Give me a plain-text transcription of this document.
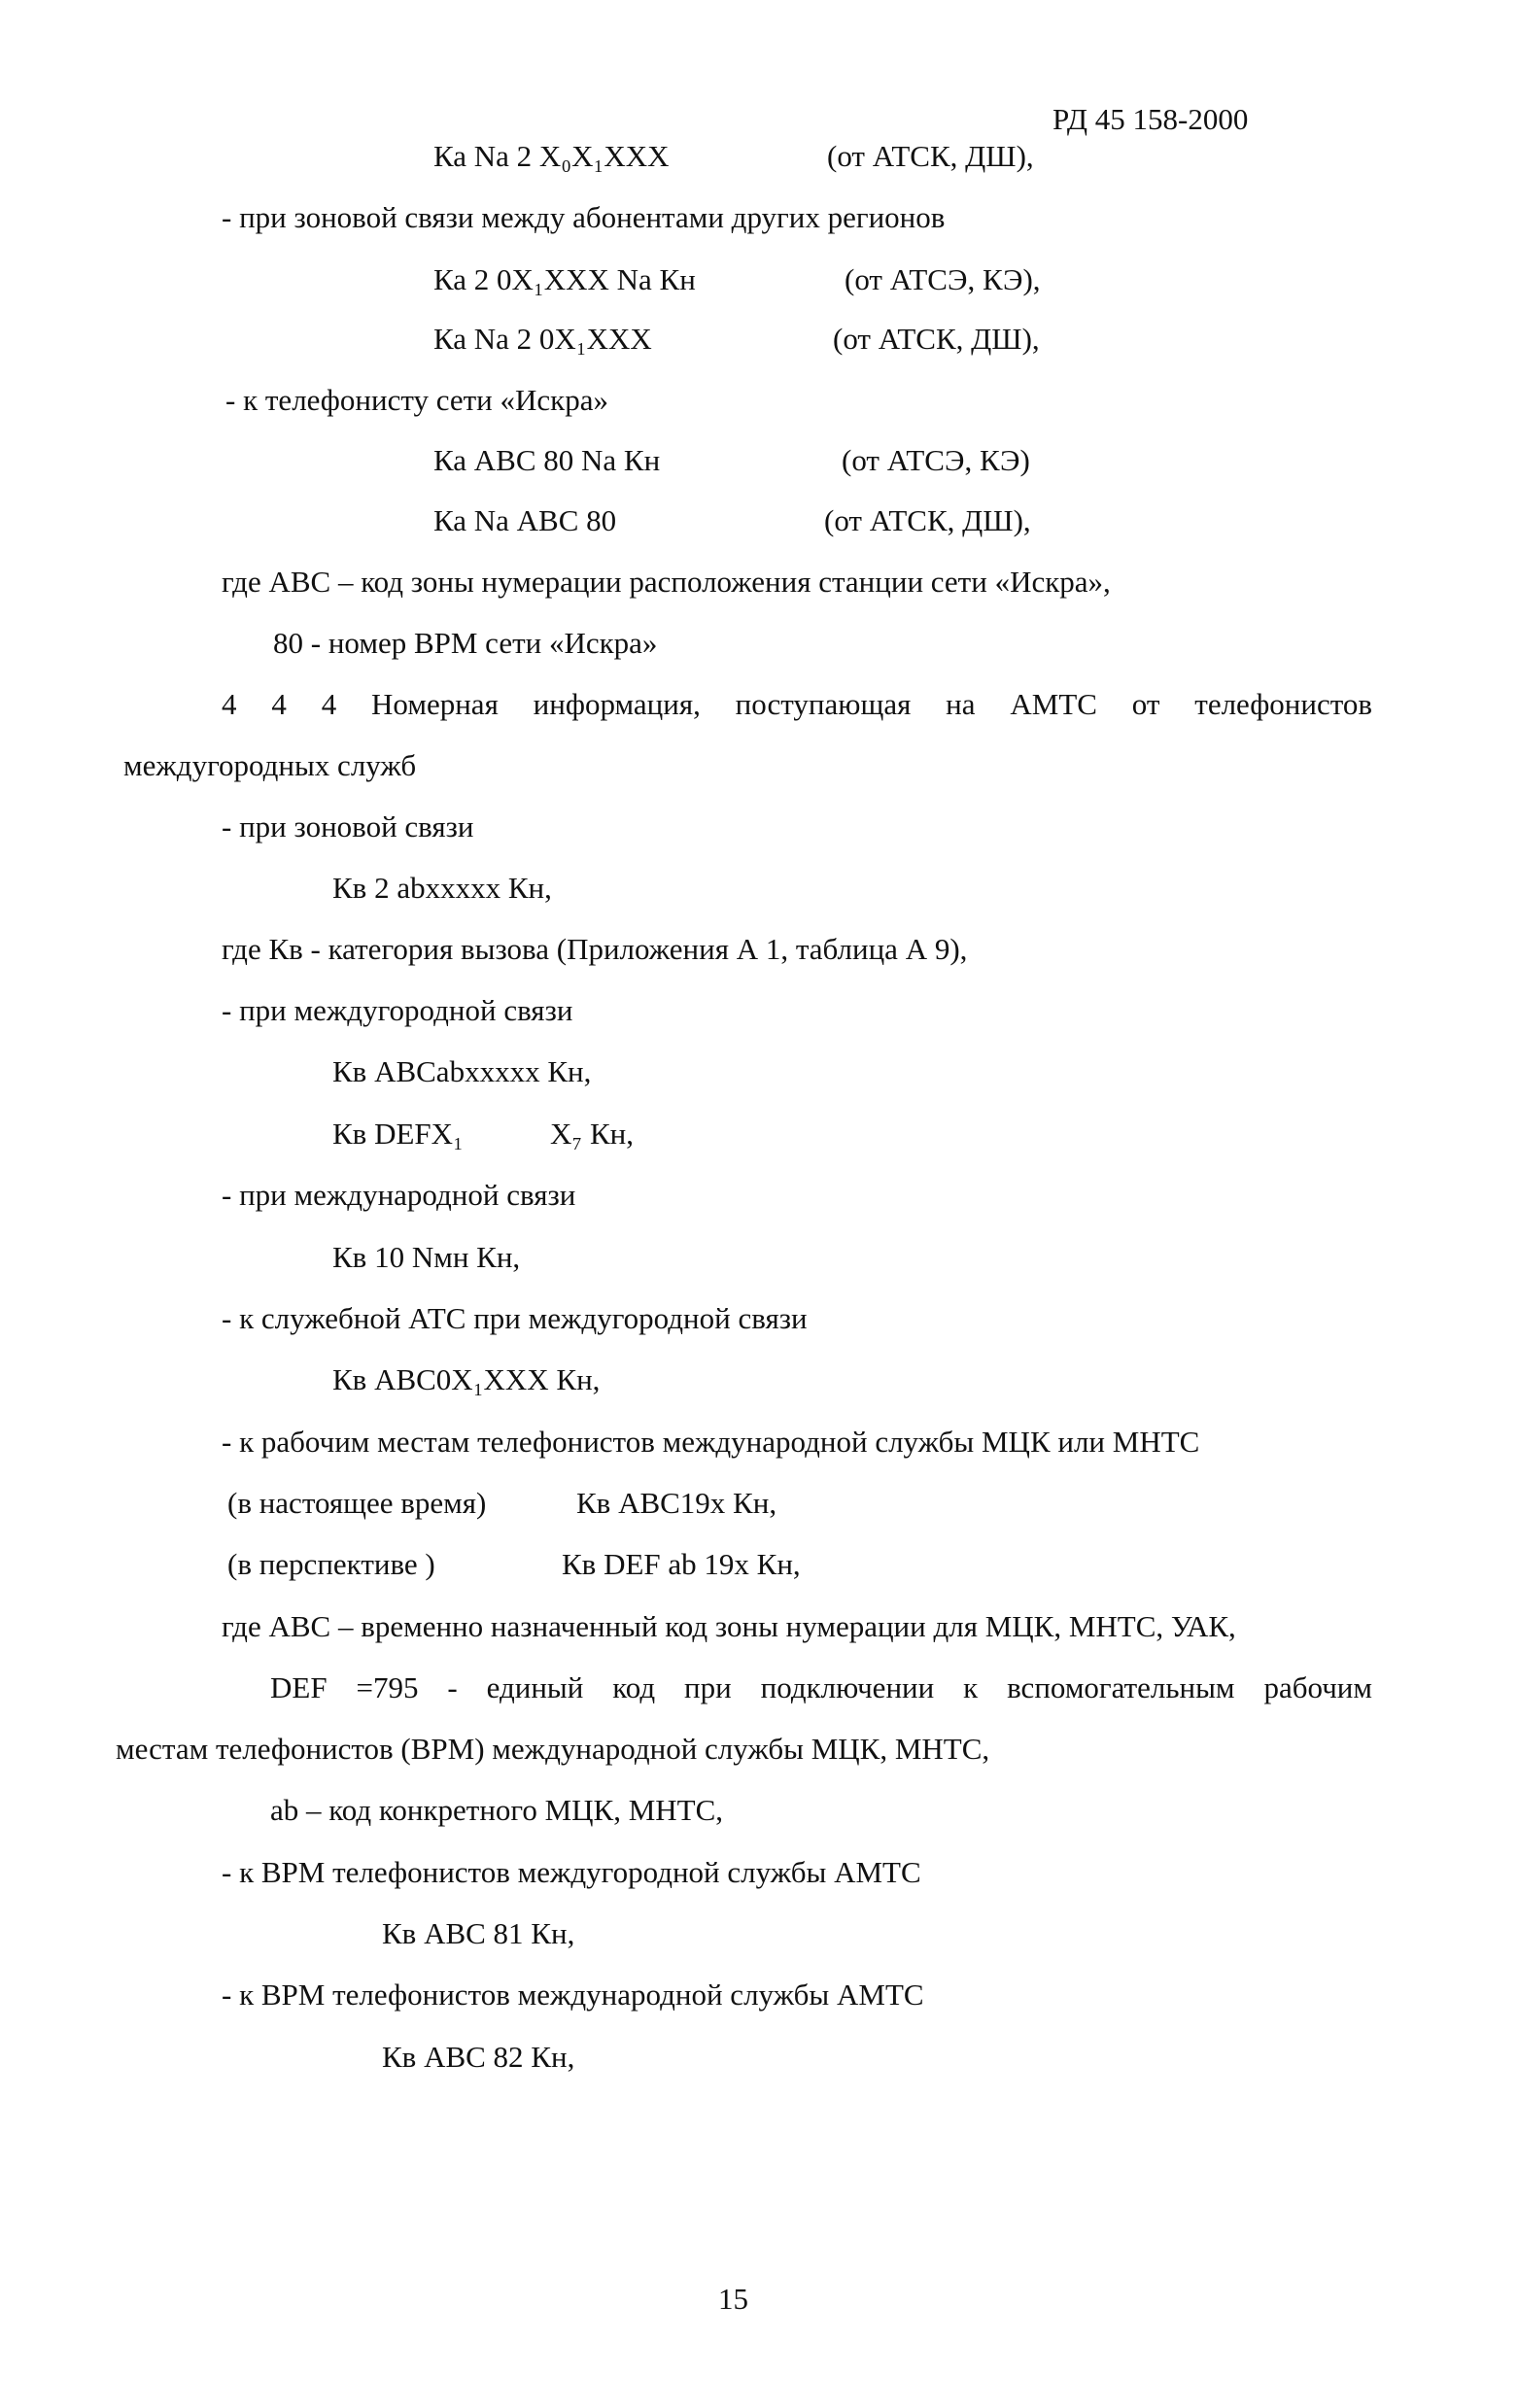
РД 45 158-2000
Ка Na 2 X₀X₁XXX	(от АТСК, ДШ),
- при зоновой связи между абонентами других регионов
Ка 2 0X₁XXX Na Кн	(от АТСЭ, КЭ),
Ка Na 2 0X₁XXX	(от АТСК, ДШ),
- к телефонисту сети «Искра»
Ка АВС 80 Na Кн	(от АТСЭ, КЭ)
Ка Na АВС 80	(от АТСК, ДШ),
где АВС – код зоны нумерации расположения станции сети «Искра»,
80 - номер ВРМ сети «Искра»
4 4 4 Номерная информация, поступающая на АМТС от телефонистов
междугородных служб
- при зоновой связи
Кв 2 abxxxxx Кн,
где Кв - категория вызова (Приложения А 1, таблица А 9),
- при междугородной связи
Кв ABCabxxxxx Кн,
Кв DEFX₁	X₇ Кн,
- при международной связи
Кв 10 Nмн Кн,
- к служебной АТС при междугородной связи
Кв ABC0X₁XXX Кн,
- к рабочим местам телефонистов международной службы МЦК или МНТС
(в настоящее время)	Кв АВС19х Кн,
(в перспективе )	Кв DEF ab 19x Кн,
где АВС – временно назначенный код зоны нумерации для МЦК, МНТС, УАК,
DEF =795 - единый код при подключении к вспомогательным рабочим
местам телефонистов (ВРМ) международной службы МЦК, МНТС,
ab – код конкретного МЦК, МНТС,
- к ВРМ телефонистов междугородной службы АМТС
Кв АВС 81 Кн,
- к ВРМ телефонистов международной службы АМТС
Кв АВС 82 Кн,
15
